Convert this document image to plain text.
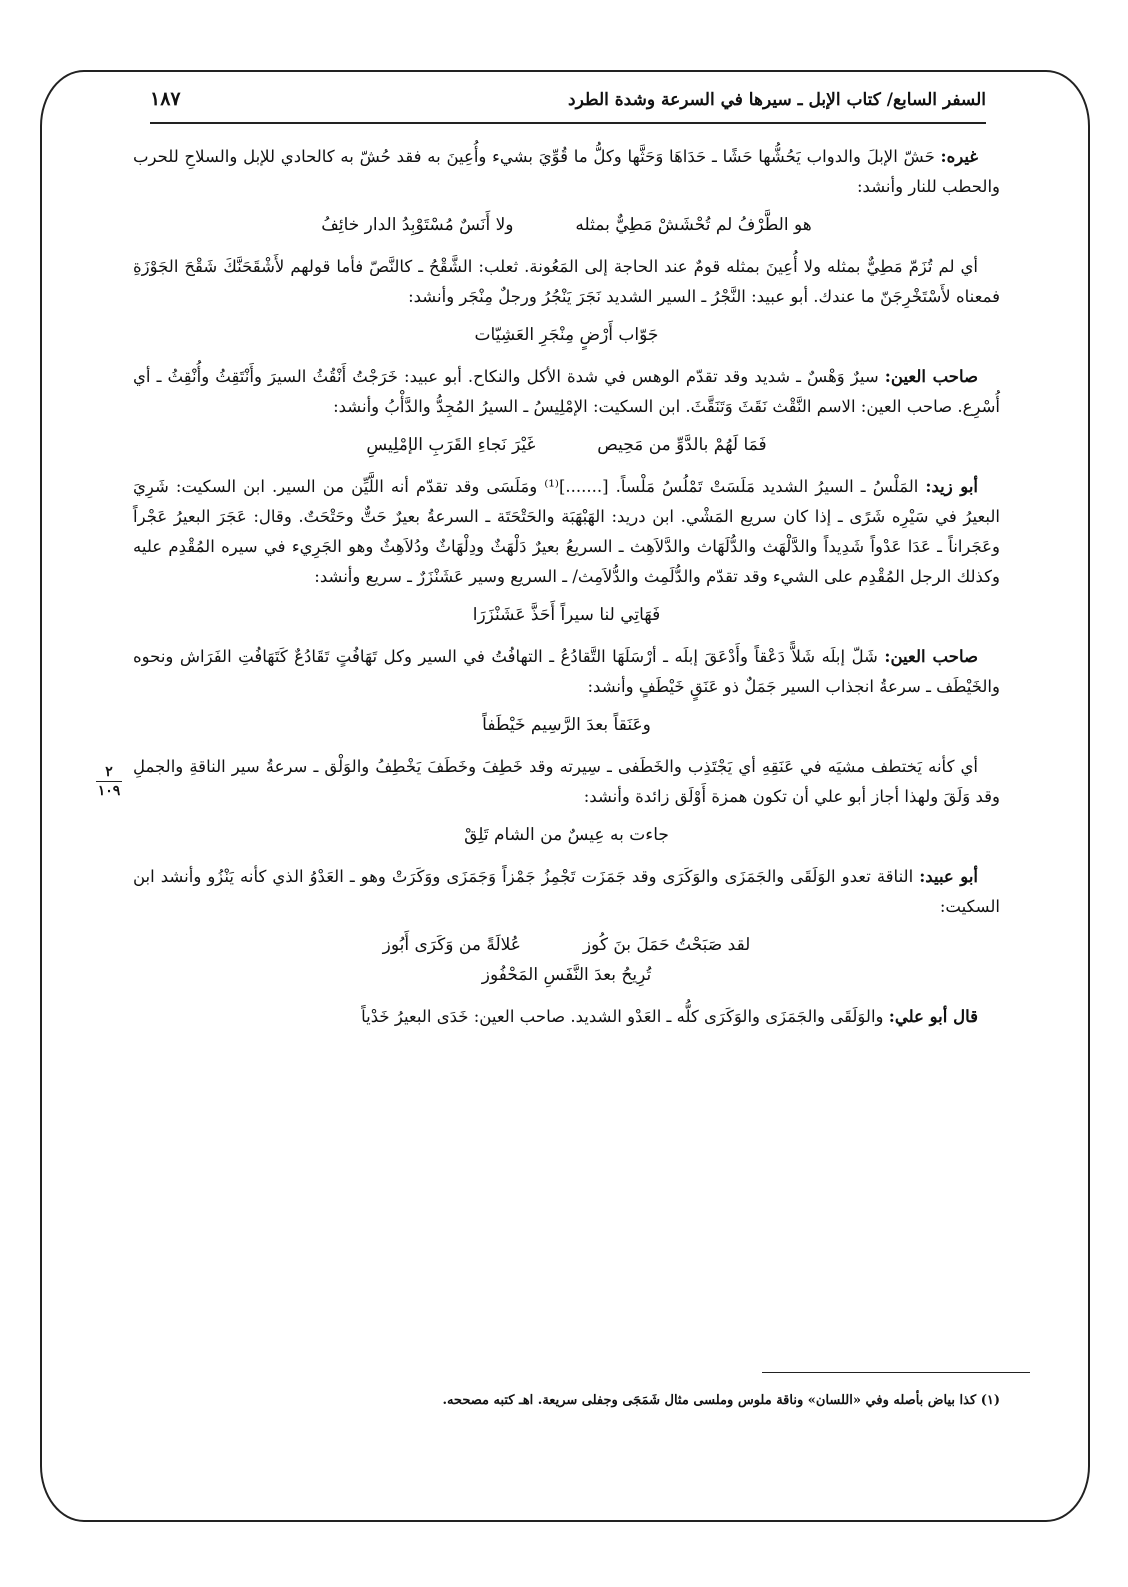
السفر السابع/ كتاب الإبل ـ سيرها في السرعة وشدة الطرد
١٨٧
٢
١٠٩

غيره: حَشّ الإبلَ والدواب يَحُشُّها حَشًا ـ حَدَاهَا وَحَثَّها وكلُّ ما قُوِّيَ بشيء وأُعِينَ به فقد حُشّ به كالحادي للإبل والسلاحِ للحرب والحطب للنار وأنشد:

هو الطَّرْفُ لم تُحْشَشْ مَطِيٌّ بمثله ولا أَنَسٌ مُسْتَوْبِدُ الدار خائِفُ

أي لم تُزَمّ مَطِيٌّ بمثله ولا أُعِينَ بمثله قومٌ عند الحاجة إلى المَعُونة. ثعلب: الشَّقْحُ ـ كالنَّصّ فأما قولهم لأَشْقَحَنَّكَ شَقْحَ الجَوْزَةِ فمعناه لأَسْتَخْرِجَنّ ما عندك. أبو عبيد: النَّجْرُ ـ السير الشديد نَجَرَ يَنْجُرُ ورجلٌ مِنْجَر وأنشد:

جَوّاب أَرْضٍ مِنْجَرِ العَشِيّات

صاحب العين: سيرٌ وَهْسٌ ـ شديد وقد تقدّم الوهس في شدة الأكل والنكاح. أبو عبيد: خَرَجْتُ أَنْقُثُ السيرَ وأَنْتَقِثُ وأُنْقِثُ ـ أي أُسْرِع. صاحب العين: الاسم النَّقْث نَقَثَ وَتَنَقَّثَ. ابن السكيت: الإمْلِيسُ ـ السيرُ المُجِدُّ والدَّأْبُ وأنشد:

فَمَا لَهُمْ بالدَّوِّ من مَحِيص غَيْرَ نَجاءِ القَرَبِ الإمْلِيسِ

أبو زيد: المَلْسُ ـ السيرُ الشديد مَلَسَتْ تَمْلُسُ مَلْساً. [.......]⁽¹⁾ ومَلَسَى وقد تقدّم أنه اللَّيِّن من السير. ابن السكيت: شَرِيَ البعيرُ في سَيْرِه شَرًى ـ إذا كان سريع المَشْي. ابن دريد: الهَبْهَبَة والحَتْحَتَة ـ السرعةُ بعيرٌ حَتٌّ وحَتْحَتٌ. وقال: عَجَرَ البعيرُ عَجْراً وعَجَراناً ـ عَدَا عَدْواً شَدِيداً والدَّلْهَث والدُّلَهَاث والدَّلاَهِث ـ السريعُ بعيرٌ دَلْهَثٌ ودِلْهَاثٌ ودُلاَهِثٌ وهو الجَرِيء في سيره المُقْدِم عليه وكذلك الرجل المُقْدِم على الشيء وقد تقدّم والدُّلَمِث والدُّلاَمِث/ ـ السريع وسير عَشَنْزَرٌ ـ سريع وأنشد:

فَهَاتِي لنا سيراً أَحَذَّ عَشَنْزَرَا

صاحب العين: شَلّ إبلَه شَلاًّ دَعْقاً وأَدْعَقَ إبلَه ـ أرْسَلَهَا التَّقادُعُ ـ التهافُتُ في السير وكل تَهَافُتٍ تَقَادُعٌ كَتَهَافُتِ الفَرَاش ونحوه والخَيْطَف ـ سرعةُ انجذاب السير جَمَلٌ ذو عَنَقٍ خَيْطَفٍ وأنشد:

وعَنَقاً بعدَ الرَّسِيم خَيْطَفاً

أي كأنه يَختطف مشيَه في عَنَقِهِ أي يَجْتَذِب والخَطَفى ـ سِيرته وقد خَطِفَ وخَطَفَ يَخْطِفُ والوَلْق ـ سرعةُ سير الناقةِ والجملِ وقد وَلَقَ ولهذا أجاز أبو علي أن تكون همزة أَوْلَق زائدة وأنشد:

جاءت به عِيسٌ من الشام تَلِقْ

أبو عبيد: الناقة تعدو الوَلَقَى والجَمَزَى والوَكَرَى وقد جَمَزَت تَجْمِزُ جَمْزاً وَجَمَزَى ووَكَرَتْ وهو ـ العَدْوُ الذي كأنه يَنْزُو وأنشد ابن السكيت:

لقد صَبَحْتُ حَمَلَ بنَ كُوز عُلالَةً من وَكَرَى أَبُوز
تُرِيحُ بعدَ النَّفَسِ المَحْفُوز

قال أبو علي: والوَلَقَى والجَمَزَى والوَكَرَى كلُّه ـ العَدْو الشديد. صاحب العين: خَدَى البعيرُ خَدْياً

(١) كذا بياض بأصله وفي «اللسان» وناقة ملوس وملسى مثال شَمَجَى وجفلى سريعة. اهـ كتبه مصححه.
